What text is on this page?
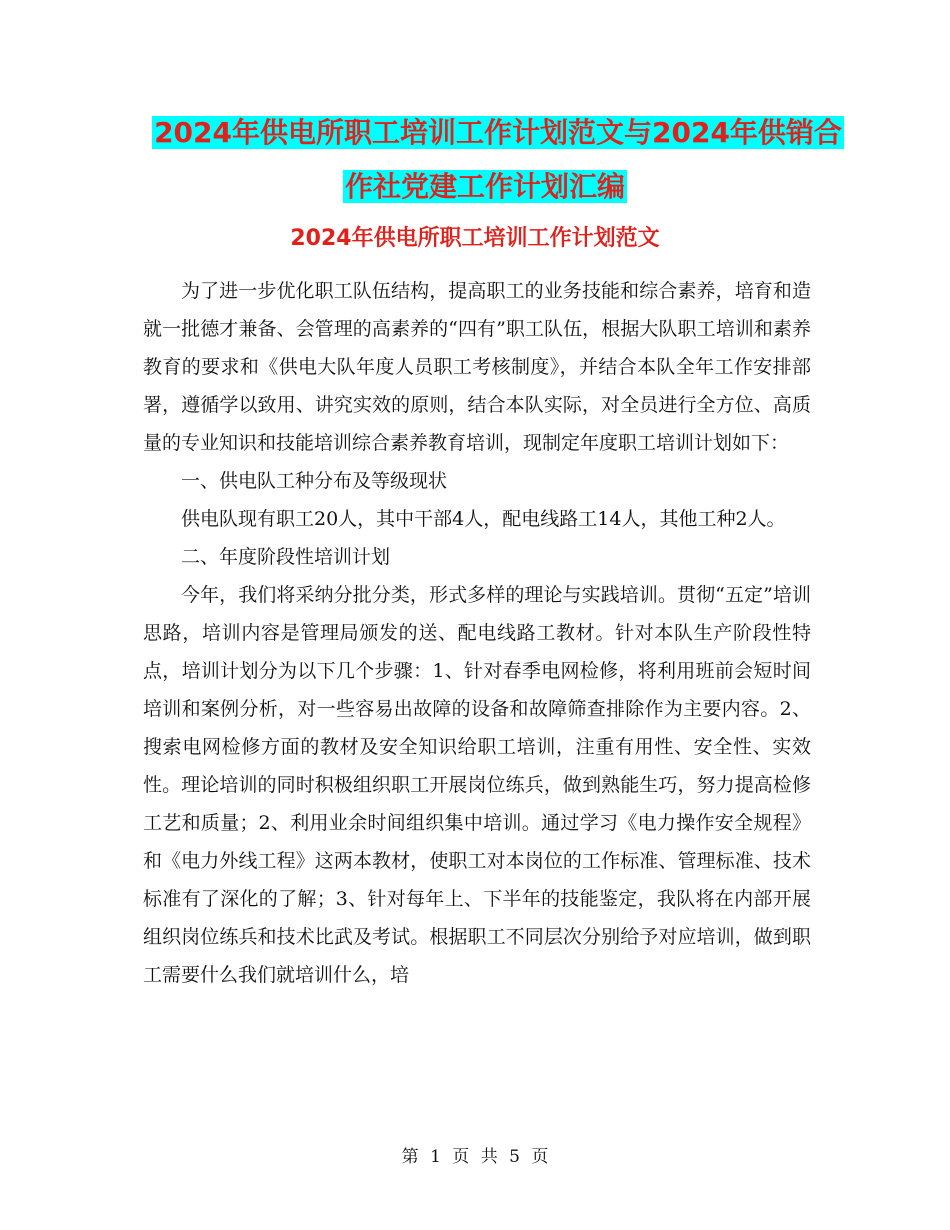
2024年供电所职工培训工作计划范文与2024年供销合
作社党建工作计划汇编
2024年供电所职工培训工作计划范文

为了进一步优化职工队伍结构，提高职工的业务技能和综合素养，培育和造就一批德才兼备、会管理的高素养的“四有”职工队伍，根据大队职工培训和素养教育的要求和《供电大队年度人员职工考核制度》，并结合本队全年工作安排部署，遵循学以致用、讲究实效的原则，结合本队实际，对全员进行全方位、高质量的专业知识和技能培训综合素养教育培训，现制定年度职工培训计划如下：

一、供电队工种分布及等级现状

供电队现有职工20人，其中干部4人，配电线路工14人，其他工种2人。

二、年度阶段性培训计划

今年，我们将采纳分批分类，形式多样的理论与实践培训。贯彻“五定”培训思路，培训内容是管理局颁发的送、配电线路工教材。针对本队生产阶段性特点，培训计划分为以下几个步骤：1、针对春季电网检修，将利用班前会短时间培训和案例分析，对一些容易出故障的设备和故障筛查排除作为主要内容。2、搜索电网检修方面的教材及安全知识给职工培训，注重有用性、安全性、实效性。理论培训的同时积极组织职工开展岗位练兵，做到熟能生巧，努力提高检修工艺和质量；2、利用业余时间组织集中培训。通过学习《电力操作安全规程》和《电力外线工程》这两本教材，使职工对本岗位的工作标准、管理标准、技术标准有了深化的了解；3、针对每年上、下半年的技能鉴定，我队将在内部开展组织岗位练兵和技术比武及考试。根据职工不同层次分别给予对应培训，做到职工需要什么我们就培训什么，培

第 1 页 共 5 页
